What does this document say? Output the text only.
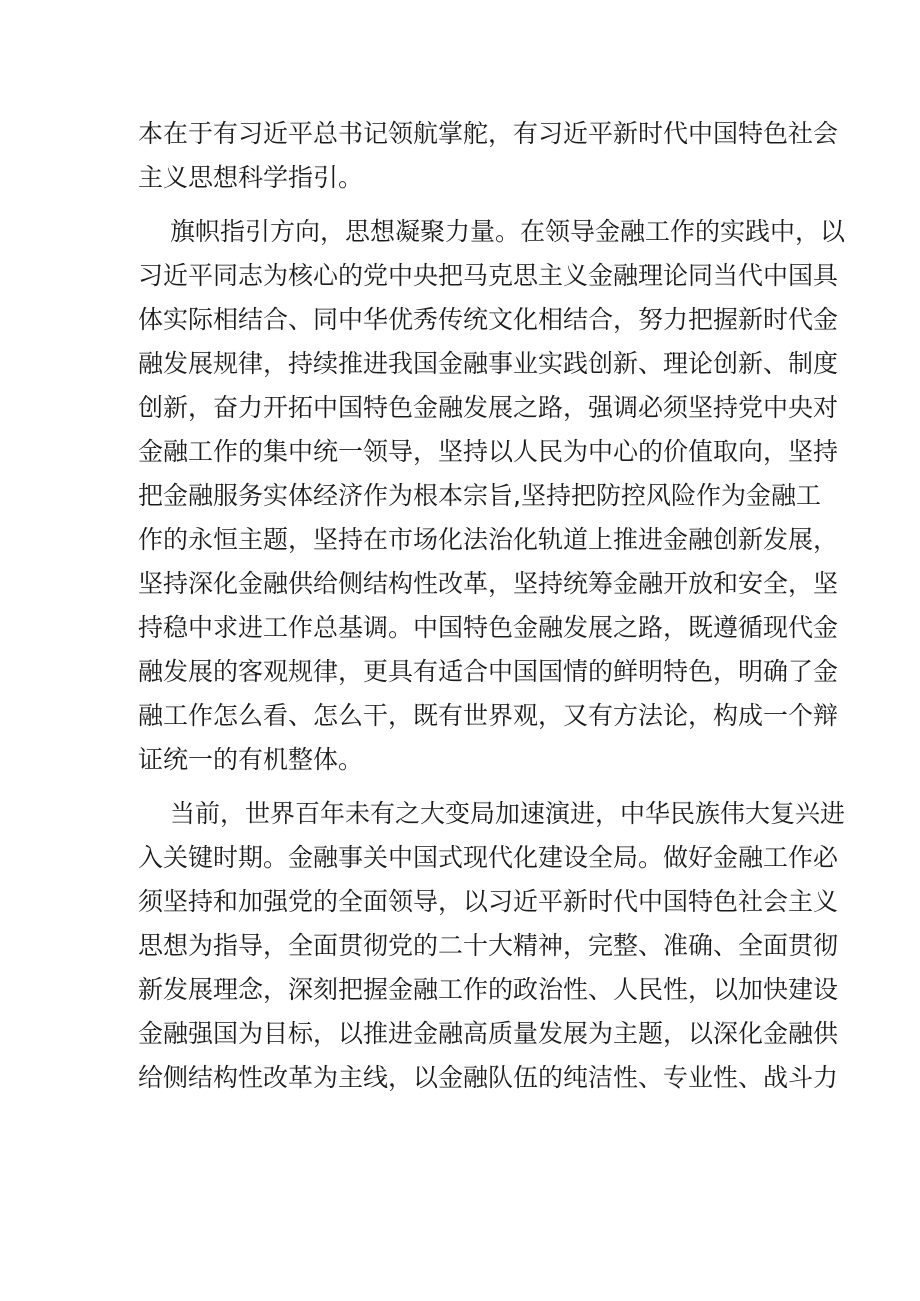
本在于有习近平总书记领航掌舵，有习近平新时代中国特色社会
主义思想科学指引。
旗帜指引方向，思想凝聚力量。在领导金融工作的实践中，以
习近平同志为核心的党中央把马克思主义金融理论同当代中国具
体实际相结合、同中华优秀传统文化相结合，努力把握新时代金
融发展规律，持续推进我国金融事业实践创新、理论创新、制度
创新，奋力开拓中国特色金融发展之路，强调必须坚持党中央对
金融工作的集中统一领导，坚持以人民为中心的价值取向，坚持
把金融服务实体经济作为根本宗旨,坚持把防控风险作为金融工
作的永恒主题，坚持在市场化法治化轨道上推进金融创新发展，
坚持深化金融供给侧结构性改革，坚持统筹金融开放和安全，坚
持稳中求进工作总基调。中国特色金融发展之路，既遵循现代金
融发展的客观规律，更具有适合中国国情的鲜明特色，明确了金
融工作怎么看、怎么干，既有世界观，又有方法论，构成一个辩
证统一的有机整体。
当前，世界百年未有之大变局加速演进，中华民族伟大复兴进
入关键时期。金融事关中国式现代化建设全局。做好金融工作必
须坚持和加强党的全面领导，以习近平新时代中国特色社会主义
思想为指导，全面贯彻党的二十大精神，完整、准确、全面贯彻
新发展理念，深刻把握金融工作的政治性、人民性，以加快建设
金融强国为目标，以推进金融高质量发展为主题，以深化金融供
给侧结构性改革为主线，以金融队伍的纯洁性、专业性、战斗力
